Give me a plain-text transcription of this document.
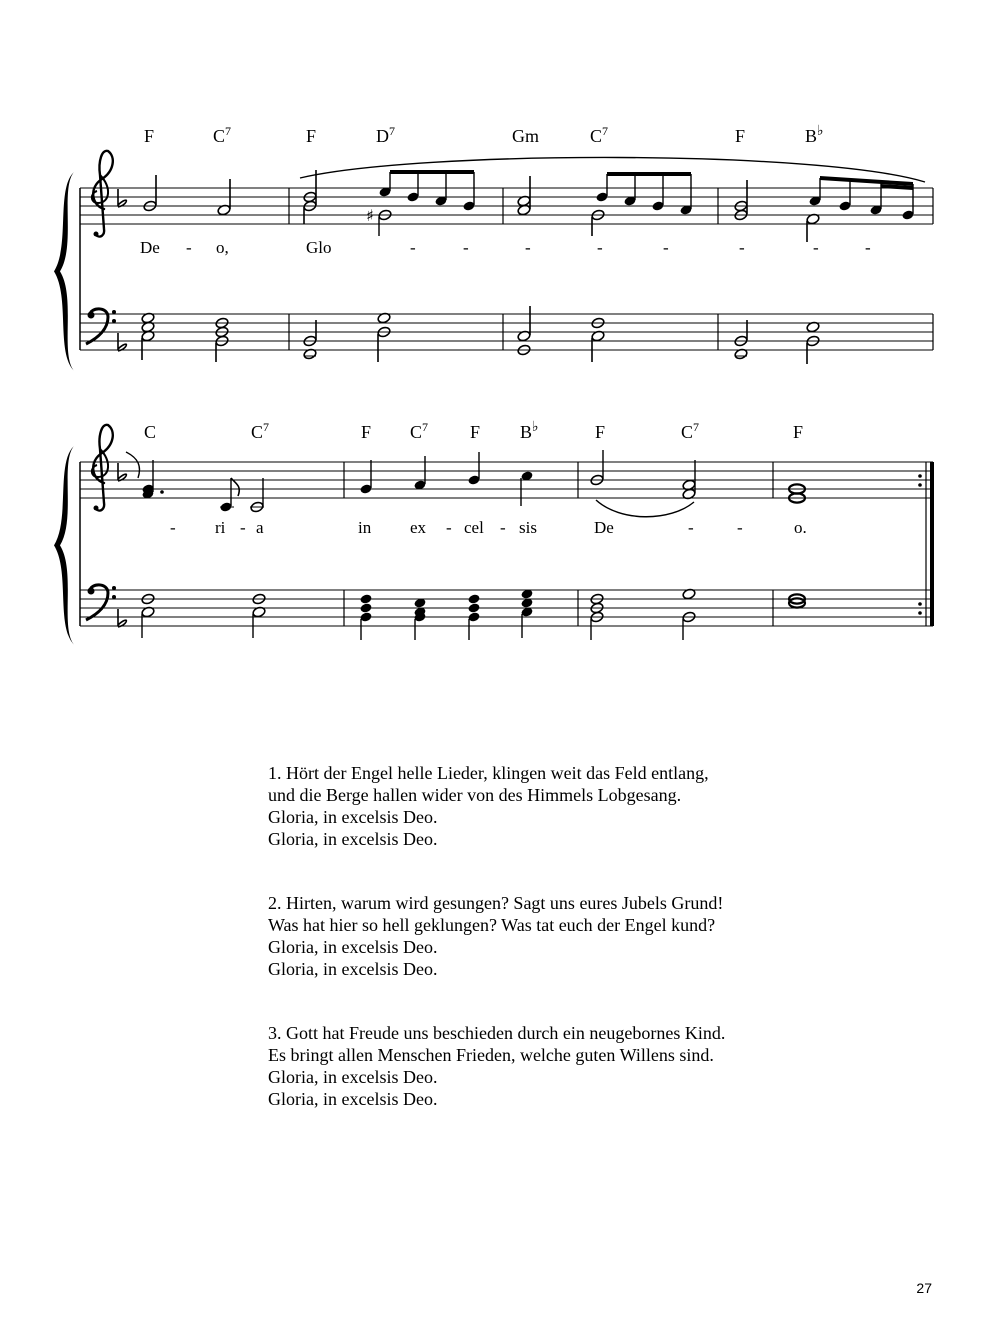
F	$C^7$	F	$D^7$	Gm	$C^7$	F	B♭
♯
De - o,	Glo	-	-	-	-	-	-	-	-
C	$C^7$	F $C^7$ F B♭	F	$C^7$	F
- ri - a	in ex - cel - sis	De	-	-	o.
1. Hört der Engel helle Lieder, klingen weit das Feld entlang,
und die Berge hallen wider von des Himmels Lobgesang.
Gloria, in excelsis Deo.
Gloria, in excelsis Deo.
2. Hirten, warum wird gesungen? Sagt uns eures Jubels Grund!
Was hat hier so hell geklungen? Was tat euch der Engel kund?
Gloria, in excelsis Deo.
Gloria, in excelsis Deo.
3. Gott hat Freude uns beschieden durch ein neugebornes Kind.
Es bringt allen Menschen Frieden, welche guten Willens sind.
Gloria, in excelsis Deo.
Gloria, in excelsis Deo.
27
